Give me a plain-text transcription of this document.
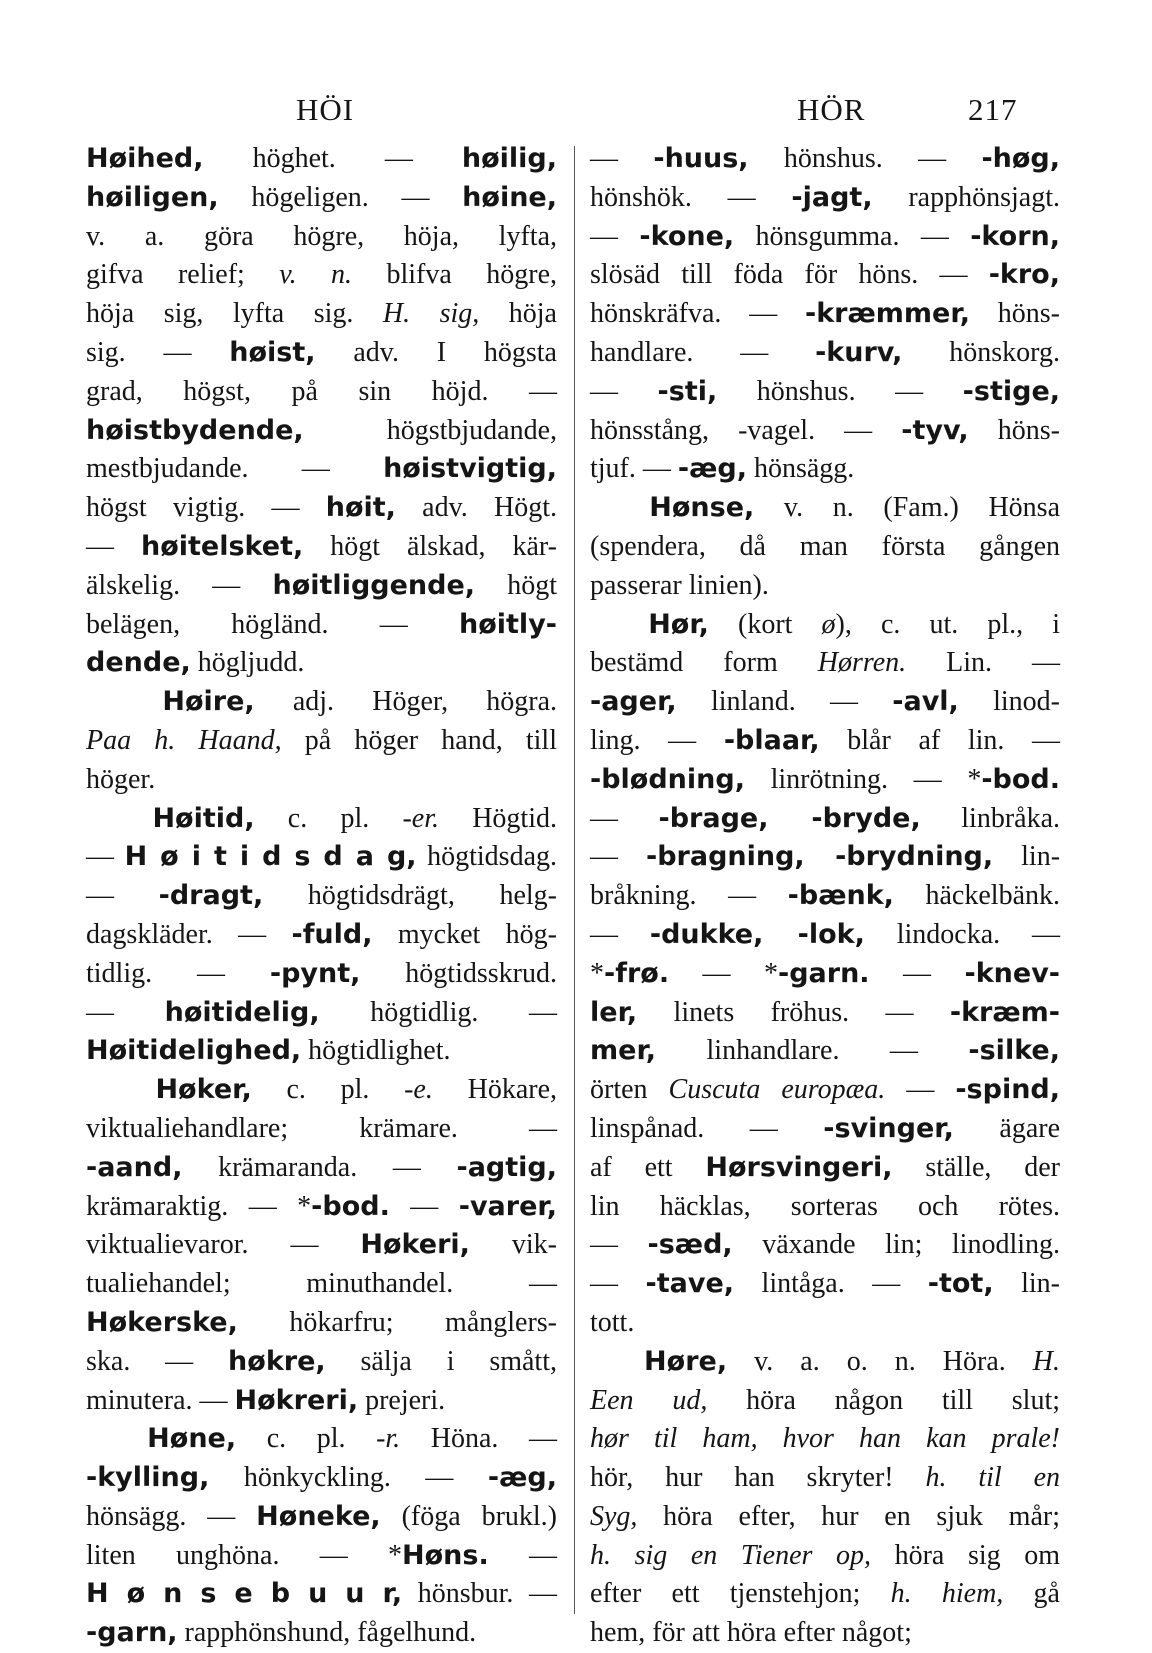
HÖI	HÖR	217
Høihed, höghet. — høilig,
høiligen, högeligen. — høine,
v. a. göra högre, höja, lyfta,
gifva relief; v. n. blifva högre,
höja sig, lyfta sig. H. sig, höja
sig. — høist, adv. I högsta
grad, högst, på sin höjd. —
høistbydende, högstbjudande,
mestbjudande. — høistvigtig,
högst vigtig. — høit, adv. Högt.
— høitelsket, högt älskad, kär-
älskelig. — høitliggende, högt
belägen, högländ. — høitly-
dende, högljudd.
Høire, adj. Höger, högra.
Paa h. Haand, på höger hand, till
höger.
Høitid, c. pl. -er. Högtid.
— H ø i t i d s d a g, högtidsdag.
— -dragt, högtidsdrägt, helg-
dagskläder. — -fuld, mycket hög-
tidlig. — -pynt, högtidsskrud.
— høitidelig, högtidlig. —
Høitidelighed, högtidlighet.
Høker, c. pl. -e. Hökare,
viktualiehandlare; krämare. —
-aand, krämaranda. — -agtig,
krämaraktig. — *-bod. — -varer,
viktualievaror. — Høkeri, vik-
tualiehandel; minuthandel. —
Høkerske, hökarfru; månglers-
ska. — høkre, sälja i smått,
minutera. — Høkreri, prejeri.
Høne, c. pl. -r. Höna. —
-kylling, hönkyckling. — -æg,
hönsägg. — Høneke, (föga brukl.)
liten unghöna. — *Høns. —
H ø n s e b u u r, hönsbur. —
-garn, rapphönshund, fågelhund.
— -huus, hönshus. — -høg,
hönshök. — -jagt, rapphönsjagt.
— -kone, hönsgumma. — -korn,
slösäd till föda för höns. — -kro,
hönskräfva. — -kræmmer, höns-
handlare. — -kurv, hönskorg.
— -sti, hönshus. — -stige,
hönsstång, -vagel. — -tyv, höns-
tjuf. — -æg, hönsägg.
Hønse, v. n. (Fam.) Hönsa
(spendera, då man första gången
passerar linien).
Hør, (kort ø), c. ut. pl., i
bestämd form Hørren. Lin. —
-ager, linland. — -avl, linod-
ling. — -blaar, blår af lin. —
-blødning, linrötning. — *-bod.
— -brage, -bryde, linbråka.
— -bragning, -brydning, lin-
bråkning. — -bænk, häckelbänk.
— -dukke, -lok, lindocka. —
*-frø. — *-garn. — -knev-
ler, linets fröhus. — -kræm-
mer, linhandlare. — -silke,
örten Cuscuta europæa. — -spind,
linspånad. — -svinger, ägare
af ett Hørsvingeri, ställe, der
lin häcklas, sorteras och rötes.
— -sæd, växande lin; linodling.
— -tave, lintåga. — -tot, lin-
tott.
Høre, v. a. o. n. Höra. H.
Een ud, höra någon till slut;
hør til ham, hvor han kan prale!
hör, hur han skryter! h. til en
Syg, höra efter, hur en sjuk mår;
h. sig en Tiener op, höra sig om
efter ett tjenstehjon; h. hiem, gå
hem, för att höra efter något;
